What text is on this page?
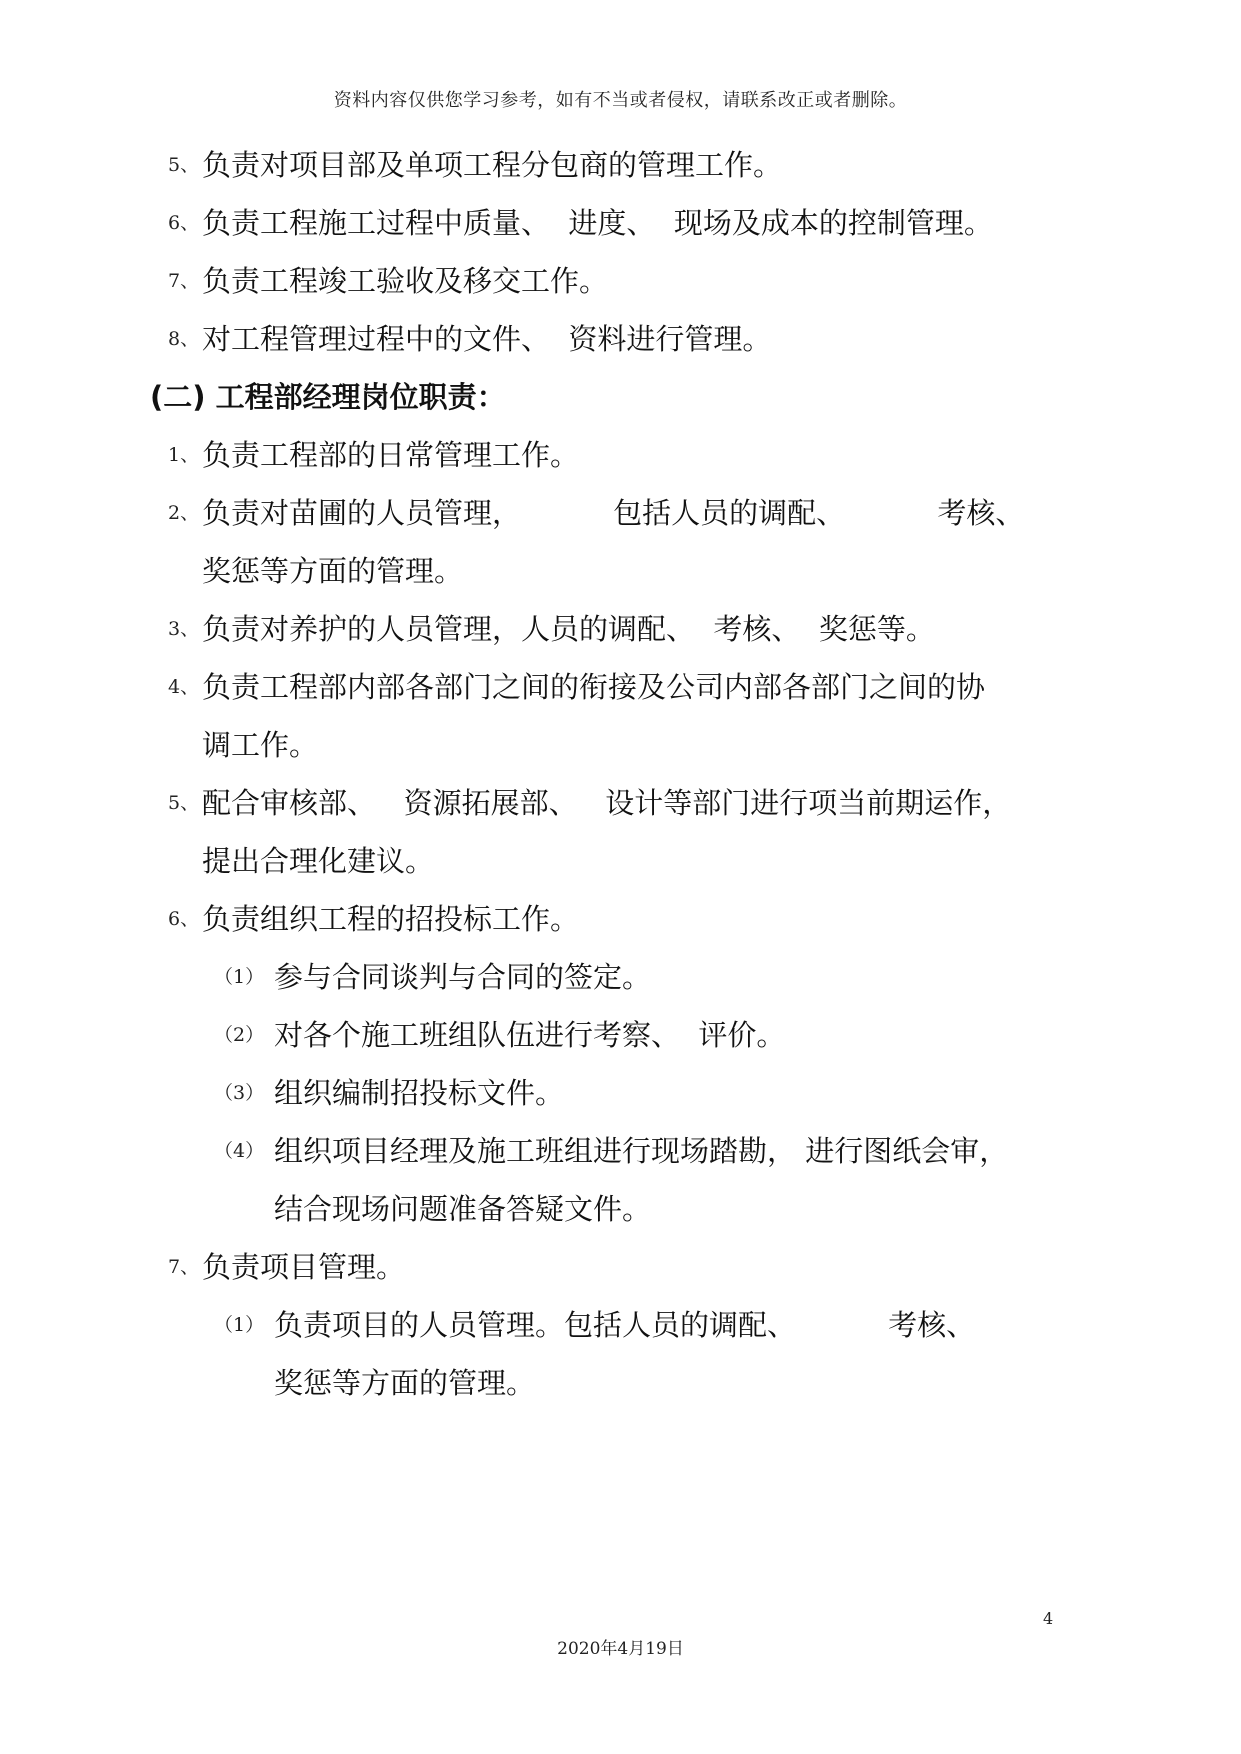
资料内容仅供您学习参考，如有不当或者侵权，请联系改正或者删除。
5、 负责对项目部及单项工程分包商的管理工作。
6、 负责工程施工过程中质量、  进度、  现场及成本的控制管理。
7、 负责工程竣工验收及移交工作。
8、 对工程管理过程中的文件、  资料进行管理。
(二) 工程部经理岗位职责：
1、 负责工程部的日常管理工作。
2、 负责对苗圃的人员管理，          包括人员的调配、          考核、
奖惩等方面的管理。
3、 负责对养护的人员管理，人员的调配、  考核、  奖惩等。
4、 负责工程部内部各部门之间的衔接及公司内部各部门之间的协
调工作。
5、 配合审核部、   资源拓展部、   设计等部门进行项当前期运作，
提出合理化建议。
6、 负责组织工程的招投标工作。
（1） 参与合同谈判与合同的签定。
（2） 对各个施工班组队伍进行考察、  评价。
（3） 组织编制招投标文件。
（4） 组织项目经理及施工班组进行现场踏勘， 进行图纸会审，
结合现场问题准备答疑文件。
7、 负责项目管理。
（1） 负责项目的人员管理。包括人员的调配、          考核、
奖惩等方面的管理。
4
2020年4月19日
